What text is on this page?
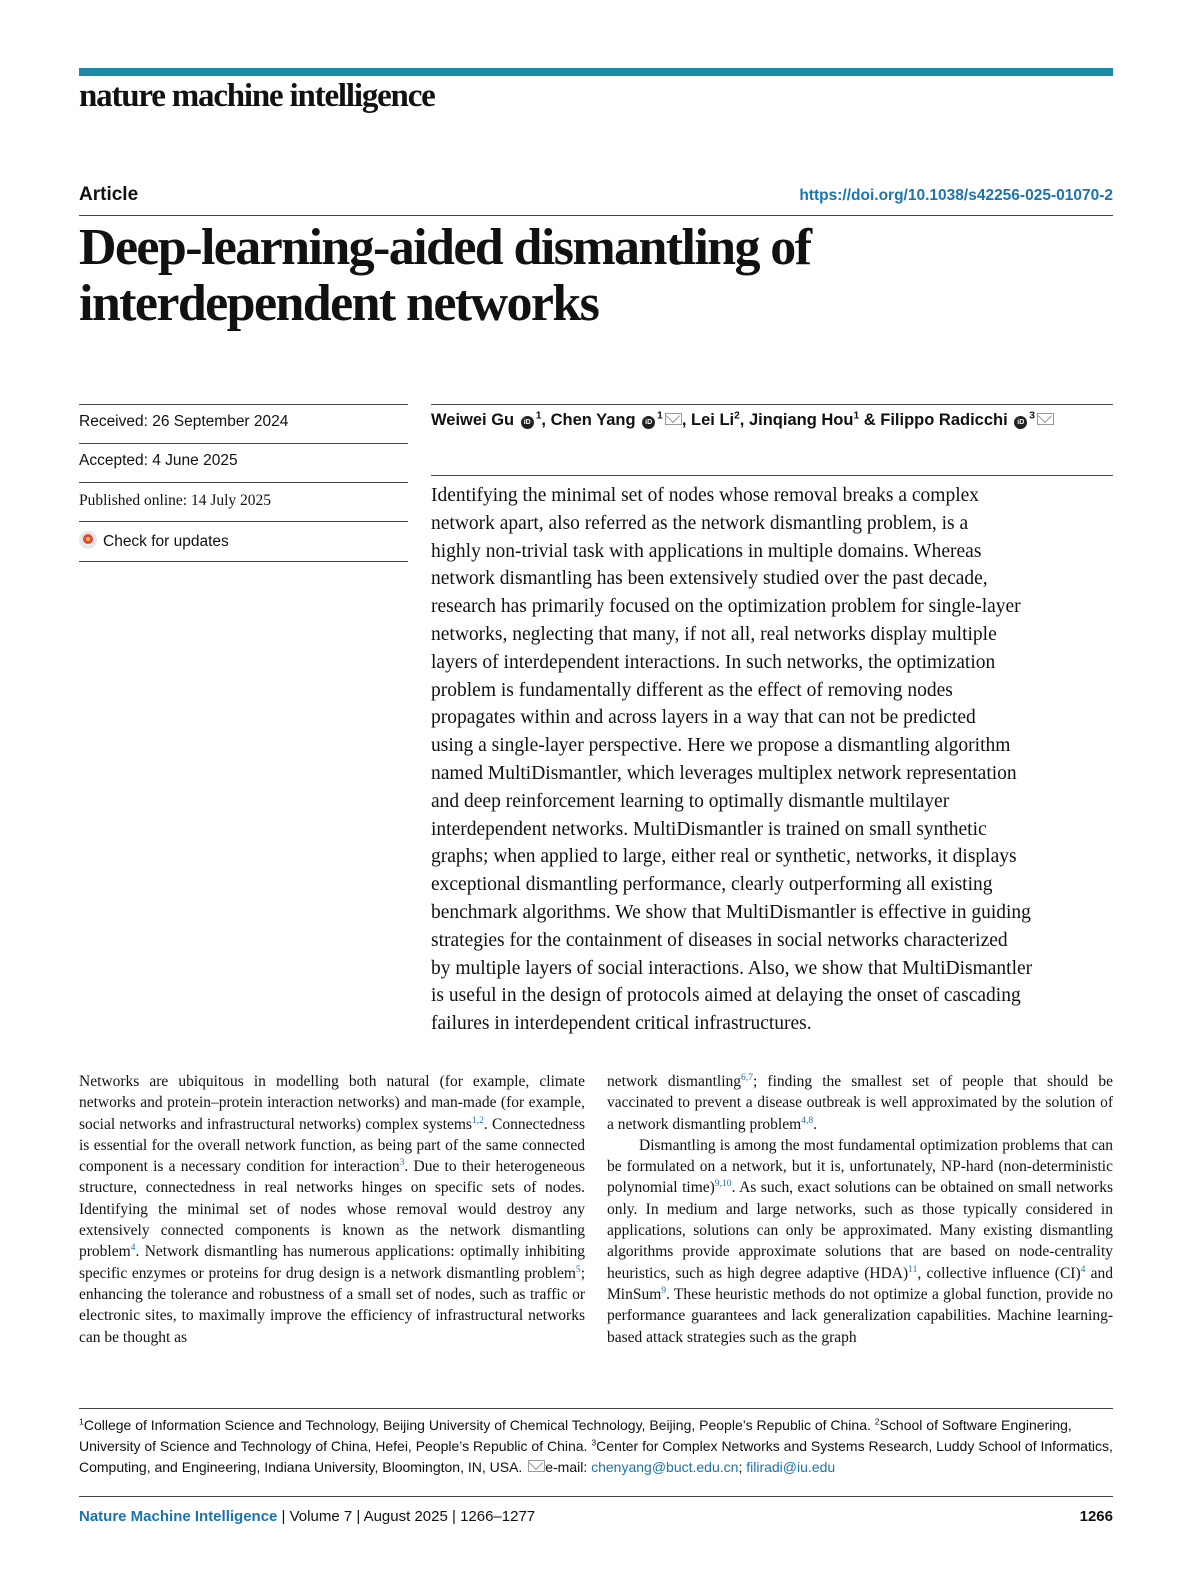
nature machine intelligence
Article	https://doi.org/10.1038/s42256-025-01070-2
Deep-learning-aided dismantling of
interdependent networks
Received: 26 September 2024
Accepted: 4 June 2025
Published online: 14 July 2025
Check for updates
Weiwei Gu $iD^1$, Chen Yang $iD^1$ , Lei Li$^2$, Jinqiang Hou$^1$ & Filippo Radicchi $iD^3$
Identifying the minimal set of nodes whose removal breaks a complex
network apart, also referred as the network dismantling problem, is a
highly non-trivial task with applications in multiple domains. Whereas
network dismantling has been extensively studied over the past decade,
research has primarily focused on the optimization problem for single-layer
networks, neglecting that many, if not all, real networks display multiple
layers of interdependent interactions. In such networks, the optimization
problem is fundamentally different as the effect of removing nodes
propagates within and across layers in a way that can not be predicted
using a single-layer perspective. Here we propose a dismantling algorithm
named MultiDismantler, which leverages multiplex network representation
and deep reinforcement learning to optimally dismantle multilayer
interdependent networks. MultiDismantler is trained on small synthetic
graphs; when applied to large, either real or synthetic, networks, it displays
exceptional dismantling performance, clearly outperforming all existing
benchmark algorithms. We show that MultiDismantler is effective in guiding
strategies for the containment of diseases in social networks characterized
by multiple layers of social interactions. Also, we show that MultiDismantler
is useful in the design of protocols aimed at delaying the onset of cascading
failures in interdependent critical infrastructures.

Networks are ubiquitous in modelling both natural (for example, climate networks and protein–protein interaction networks) and man-made (for example, social networks and infrastructural networks) complex systems$^{1,2}$. Connectedness is essential for the overall network function, as being part of the same connected component is a necessary condition for interaction$^3$. Due to their heterogeneous structure, connectedness in real networks hinges on specific sets of nodes. Identifying the minimal set of nodes whose removal would destroy any extensively connected components is known as the network dismantling problem$^4$. Network dismantling has numerous applications: optimally inhibiting specific enzymes or proteins for drug design is a network dismantling problem$^5$; enhancing the tolerance and robustness of a small set of nodes, such as traffic or electronic sites, to maximally improve the efficiency of infrastructural networks can be thought as

network dismantling$^{6,7}$; finding the smallest set of people that should be vaccinated to prevent a disease outbreak is well approximated by the solution of a network dismantling problem$^{4,8}$.

Dismantling is among the most fundamental optimization problems that can be formulated on a network, but it is, unfortunately, NP-hard (non-deterministic polynomial time)$^{9,10}$. As such, exact solutions can be obtained on small networks only. In medium and large networks, such as those typically considered in applications, solutions can only be approximated. Many existing dismantling algorithms provide approximate solutions that are based on node-centrality heuristics, such as high degree adaptive (HDA)$^{11}$, collective influence (CI)$^4$ and MinSum$^9$. These heuristic methods do not optimize a global function, provide no performance guarantees and lack generalization capabilities. Machine learning-based attack strategies such as the graph

$^1$College of Information Science and Technology, Beijing University of Chemical Technology, Beijing, People’s Republic of China. $^2$School of Software Enginering, University of Science and Technology of China, Hefei, People’s Republic of China. $^3$Center for Complex Networks and Systems Research, Luddy School of Informatics, Computing, and Engineering, Indiana University, Bloomington, IN, USA. e-mail: chenyang@buct.edu.cn; filiradi@iu.edu
Nature Machine Intelligence | Volume 7 | August 2025 | 1266–1277	1266
